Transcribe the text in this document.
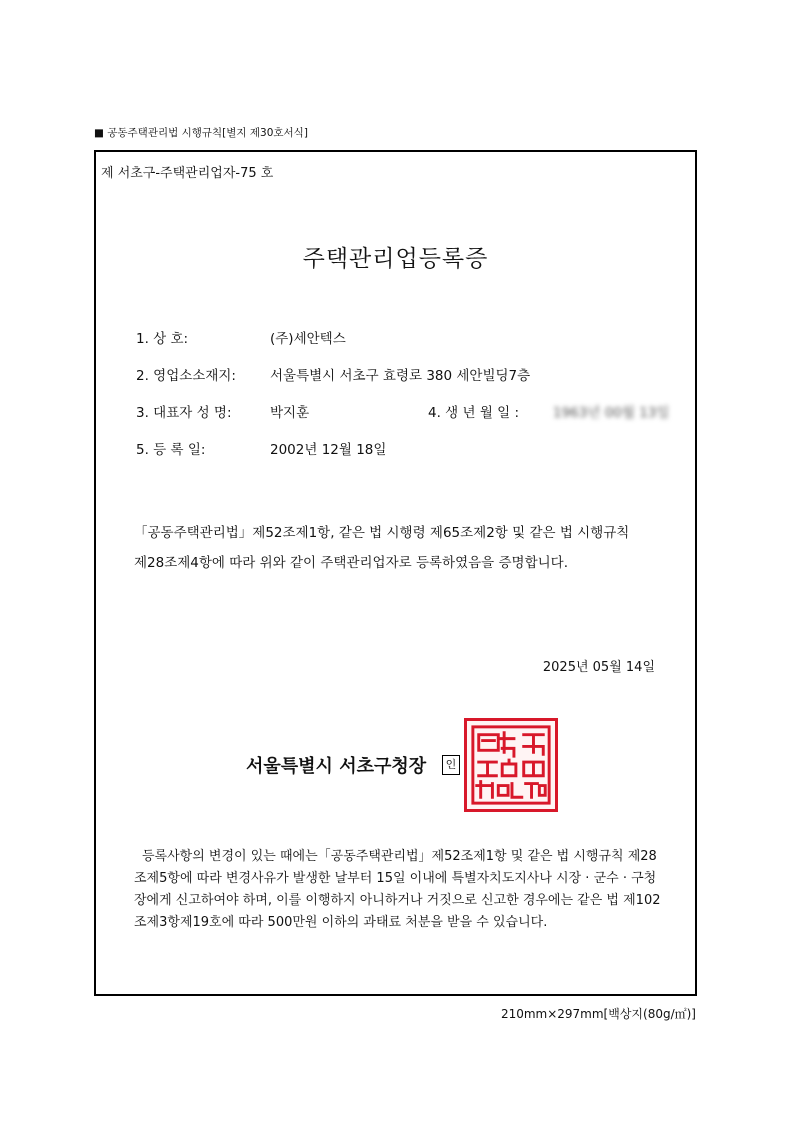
■ 공동주택관리법 시행규칙[별지 제30호서식]
제 서초구-주택관리업자-75 호
주택관리업등록증
1. 상 호:	(주)세안텍스
2. 영업소소재지:	서울특별시 서초구 효령로 380 세안빌딩7층
3. 대표자 성 명:	박지훈	4. 생 년 월 일 :	1963년 00월 13일
5. 등 록 일:	2002년 12월 18일
「공동주택관리법」제52조제1항, 같은 법 시행령 제65조제2항 및 같은 법 시행규칙
제28조제4항에 따라 위와 같이 주택관리업자로 등록하였음을 증명합니다.
2025년 05월 14일
서울특별시 서초구청장	인
등록사항의 변경이 있는 때에는「공동주택관리법」제52조제1항 및 같은 법 시행규칙 제28조제5항에 따라 변경사유가 발생한 날부터 15일 이내에 특별자치도지사나 시장 · 군수 · 구청장에게 신고하여야 하며, 이를 이행하지 아니하거나 거짓으로 신고한 경우에는 같은 법 제102조제3항제19호에 따라 500만원 이하의 과태료 처분을 받을 수 있습니다.
210mm×297mm[백상지(80g/㎡)]
